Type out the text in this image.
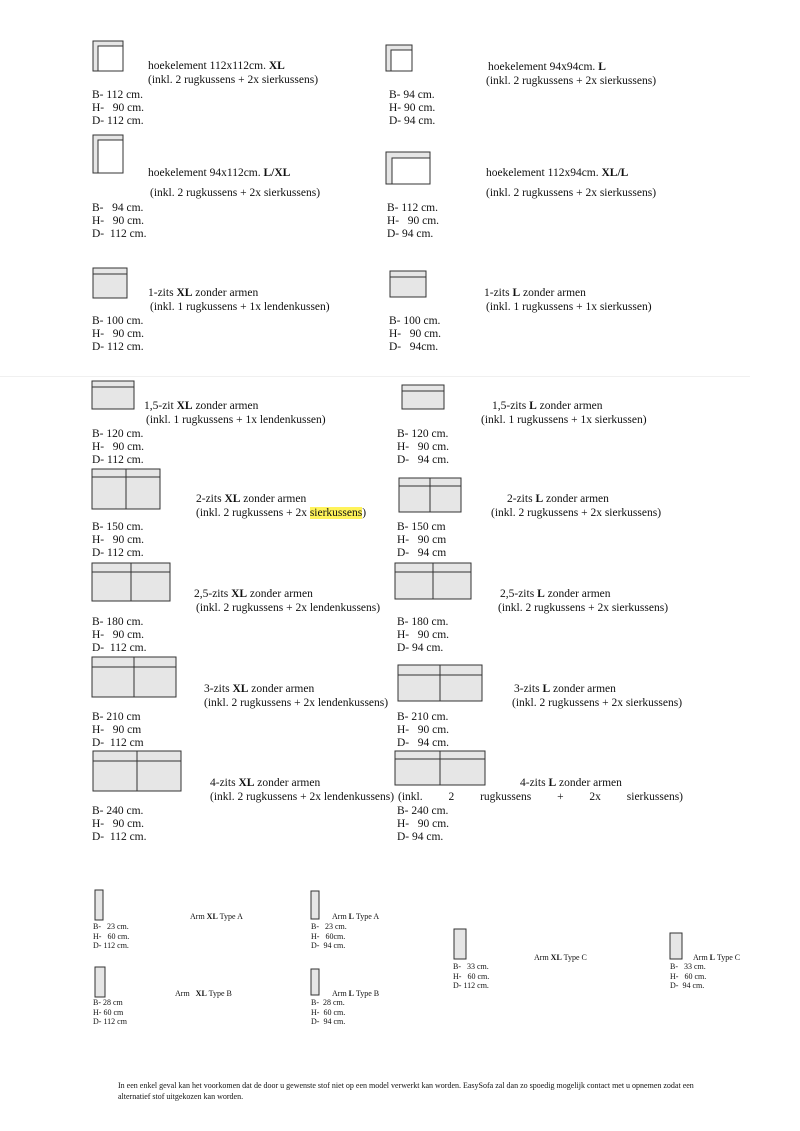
hoekelement 112x112cm. XL
(inkl. 2 rugkussens + 2x sierkussens)
B- 112 cm.
H-   90 cm.
D- 112 cm.
hoekelement 94x94cm. L
(inkl. 2 rugkussens + 2x sierkussens)
B- 94 cm.
H- 90 cm.
D- 94 cm.
hoekelement 94x112cm. L/XL
(inkl. 2 rugkussens + 2x sierkussens)
B-   94 cm.
H-   90 cm.
D-  112 cm.
hoekelement 112x94cm. XL/L
(inkl. 2 rugkussens + 2x sierkussens)
B- 112 cm.
H-   90 cm.
D- 94 cm.
1-zits XL zonder armen
(inkl. 1 rugkussens + 1x lendenkussen)
B- 100 cm.
H-   90 cm.
D- 112 cm.
1-zits L zonder armen
(inkl. 1 rugkussens + 1x sierkussen)
B- 100 cm.
H-   90 cm.
D-   94cm.
1,5-zit XL zonder armen
(inkl. 1 rugkussens + 1x lendenkussen)
B- 120 cm.
H-   90 cm.
D- 112 cm.
1,5-zits L zonder armen
(inkl. 1 rugkussens + 1x sierkussen)
B- 120 cm.
H-   90 cm.
D-   94 cm.
2-zits XL zonder armen
(inkl. 2 rugkussens + 2x sierkussens)
B- 150 cm.
H-   90 cm.
D- 112 cm.
2-zits L zonder armen
(inkl. 2 rugkussens + 2x sierkussens)
B- 150 cm
H-   90 cm
D-   94 cm
2,5-zits XL zonder armen
(inkl. 2 rugkussens + 2x lendenkussens)
B- 180 cm.
H-   90 cm.
D-  112 cm.
2,5-zits L zonder armen
(inkl. 2 rugkussens + 2x sierkussens)
B- 180 cm.
H-   90 cm.
D- 94 cm.
3-zits XL zonder armen
(inkl. 2 rugkussens + 2x lendenkussens)
B- 210 cm
H-   90 cm
D-  112 cm
3-zits L zonder armen
(inkl. 2 rugkussens + 2x sierkussens)
B- 210 cm.
H-   90 cm.
D-   94 cm.
4-zits XL zonder armen
(inkl. 2 rugkussens + 2x lendenkussens)
B- 240 cm.
H-   90 cm.
D-  112 cm.
4-zits L zonder armen
(inkl. 2 rugkussens + 2x sierkussens)
B- 240 cm.
H-   90 cm.
D- 94 cm.
Arm XL Type A
B-   23 cm.
H-   60 cm.
D- 112 cm.
Arm L Type A
B-   23 cm.
H-   60cm.
D-  94 cm.
Arm XL Type C
B-   33 cm.
H-   60 cm.
D- 112 cm.
Arm L Type C
B-   33 cm.
H-   60 cm.
D-  94 cm.
Arm   XL Type B
B- 28 cm
H- 60 cm
D- 112 cm
Arm L Type B
B-  28 cm.
H-  60 cm.
D-  94 cm.
In een enkel geval kan het voorkomen dat de door u gewenste stof niet op een model verwerkt kan worden. EasySofa zal dan zo spoedig mogelijk contact met u opnemen zodat een alternatief stof uitgekozen kan worden.
